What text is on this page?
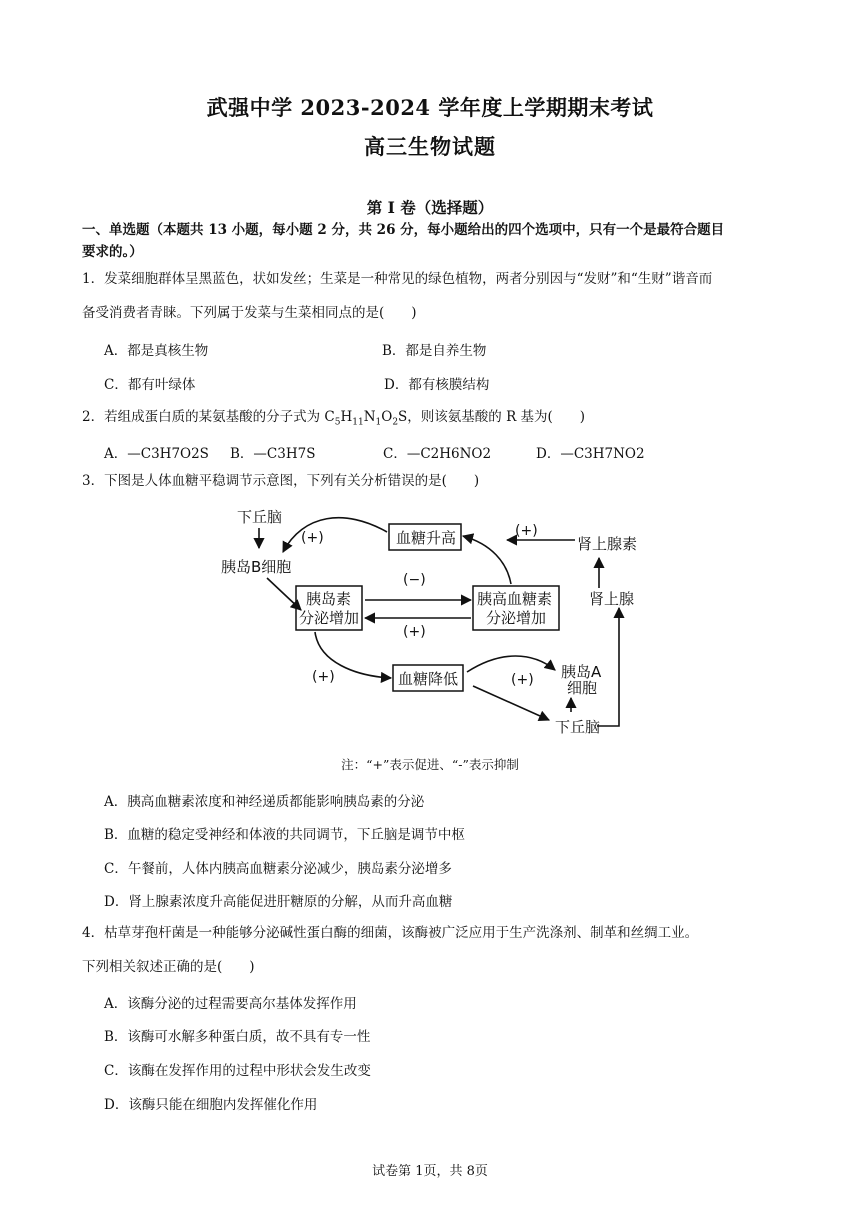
武强中学 2023-2024 学年度上学期期末考试
高三生物试题
第 I 卷（选择题）
一、单选题（本题共 13 小题，每小题 2 分，共 26 分，每小题给出的四个选项中，只有一个是最符合题目
要求的。）
1．发菜细胞群体呈黑蓝色，状如发丝；生菜是一种常见的绿色植物，两者分别因与“发财”和“生财”谐音而
备受消费者青睐。下列属于发菜与生菜相同点的是(　　)
A．都是真核生物	B．都是自养生物
C．都有叶绿体	D．都有核膜结构
2．若组成蛋白质的某氨基酸的分子式为 $C_5H_{11}N_1O_2S$，则该氨基酸的 R 基为(　　)
A．—C3H7O2S B．—C3H7S	C．—C2H6NO2	D．—C3H7NO2
3．下图是人体血糖平稳调节示意图，下列有关分析错误的是(　　)
下丘脑
胰岛B细胞
血糖升高	肾上腺素
肾上腺
胰岛素
分泌增加
胰高血糖素
分泌增加
血糖降低	胰岛A
细胞
下丘脑
(+)	(+)
(−)
(+)
(+)	(+)
注：“+”表示促进、“-”表示抑制
A．胰高血糖素浓度和神经递质都能影响胰岛素的分泌
B．血糖的稳定受神经和体液的共同调节，下丘脑是调节中枢
C．午餐前，人体内胰高血糖素分泌减少，胰岛素分泌增多
D．肾上腺素浓度升高能促进肝糖原的分解，从而升高血糖
4．枯草芽孢杆菌是一种能够分泌碱性蛋白酶的细菌，该酶被广泛应用于生产洗涤剂、制革和丝绸工业。
下列相关叙述正确的是(　　)
A．该酶分泌的过程需要高尔基体发挥作用
B．该酶可水解多种蛋白质，故不具有专一性
C．该酶在发挥作用的过程中形状会发生改变
D．该酶只能在细胞内发挥催化作用
试卷第 1页，共 8页
